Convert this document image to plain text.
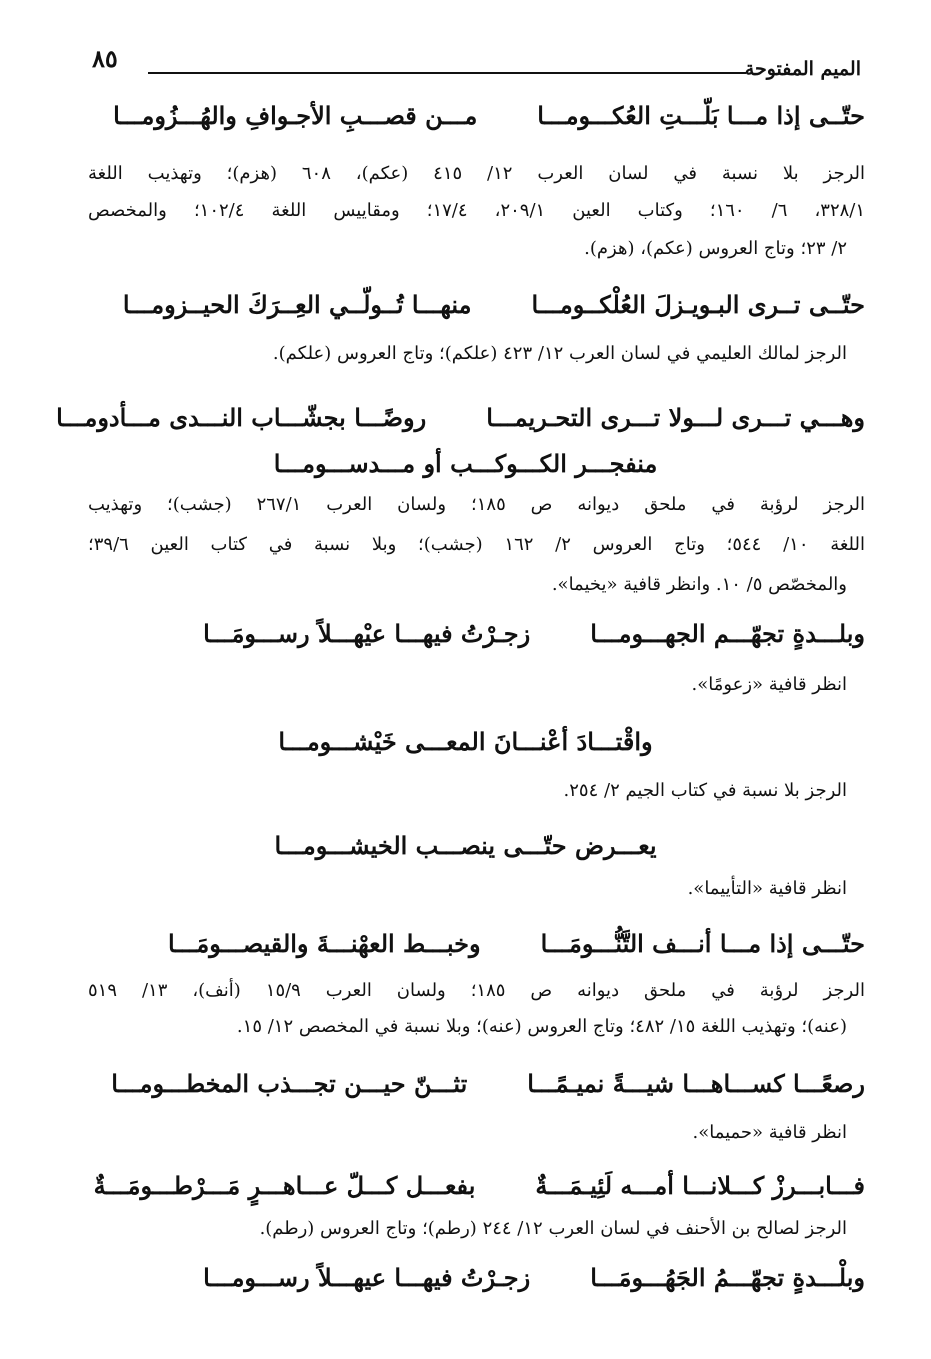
الميم المفتوحة
٨٥
حتّــى إذا مـــا بَلّـــتِ العُكـــومـــامـــن قصـــبِ الأجـوافِ والهُـــزُومـــا
الرجز بلا نسبة في لسان العرب ١٢/ ٤١٥ (عكم)، ٦٠٨ (هزم)؛ وتهذيب اللغة
٣٢٨/١، ٦/ ١٦٠؛ وكتاب العين ٢٠٩/١، ١٧/٤؛ ومقاييس اللغة ١٠٢/٤؛ والمخصص
٢/ ٢٣؛ وتاج العروس (عكم)، (هزم).
حتّــى تــرى البـويـزلَ العُلْكــومـــامنهـــا تُــولّــي العِــرَكَ الحيــزومـــا
الرجز لمالك العليمي في لسان العرب ١٢/ ٤٢٣ (علكم)؛ وتاج العروس (علكم).
وهـــي تـــرى لـــولا تـــرى التحـريمـــاروضًـــا بجشّـــاب النـــدى مـــأدومـــا
منفجـــر الكـــوكـــب أو مـــدســـومـــا
الرجز لرؤبة في ملحق ديوانه ص ١٨٥؛ ولسان العرب ٢٦٧/١ (جشب)؛ وتهذيب
اللغة ١٠/ ٥٤٤؛ وتاج العروس ٢/ ١٦٢ (جشب)؛ وبلا نسبة في كتاب العين ٣٩/٦؛
والمخصّص ٥/ ١٠. وانظر قافية «يخيما».
وبلـــدةٍ تجهّـــم الجهـــومـــازجـرْتُ فيهـــا عيْهـــلاً رســـومَـــا
انظر قافية «زعومًا».
واقْتـــادَ أعْنـــانَ المعـــى خَيْشـــومـــا
الرجز بلا نسبة في كتاب الجيم ٢/ ٢٥٤.
يعـــرض حتّـــى ينصـــب الخيشـــومـــا
انظر قافية «التأييما».
حتّـــى إذا مـــا أنـــف التَّنُّـــومَـــاوخبـــط العهْنـــةَ والقيصـــومَـــا
الرجز لرؤبة في ملحق ديوانه ص ١٨٥؛ ولسان العرب ١٥/٩ (أنف)، ١٣/ ٥١٩
(عنه)؛ وتهذيب اللغة ١٥/ ٤٨٢؛ وتاج العروس (عنه)؛ وبلا نسبة في المخصص ١٢/ ١٥.
رصعًـــا كســـاهـــا شيـــةً نميـمًـــاتثـــنّ حيـــن تجـــذب المخطـــومـــا
انظر قافية «حميما».
فـــابـــرزْ كـــلانـــا أمـــه لَئِيـمَـــةٌبفعـــل كـــلّ عـــاهـــرٍ مَـــرْطـــومَـــةٌ
الرجز لصالح بن الأحنف في لسان العرب ١٢/ ٢٤٤ (رطم)؛ وتاج العروس (رطم).
وبلْـــدةٍ تجهّـــمُ الجَهُـــومَـــازجـرْتُ فيهـــا عيهـــلاً رســـومـــا
